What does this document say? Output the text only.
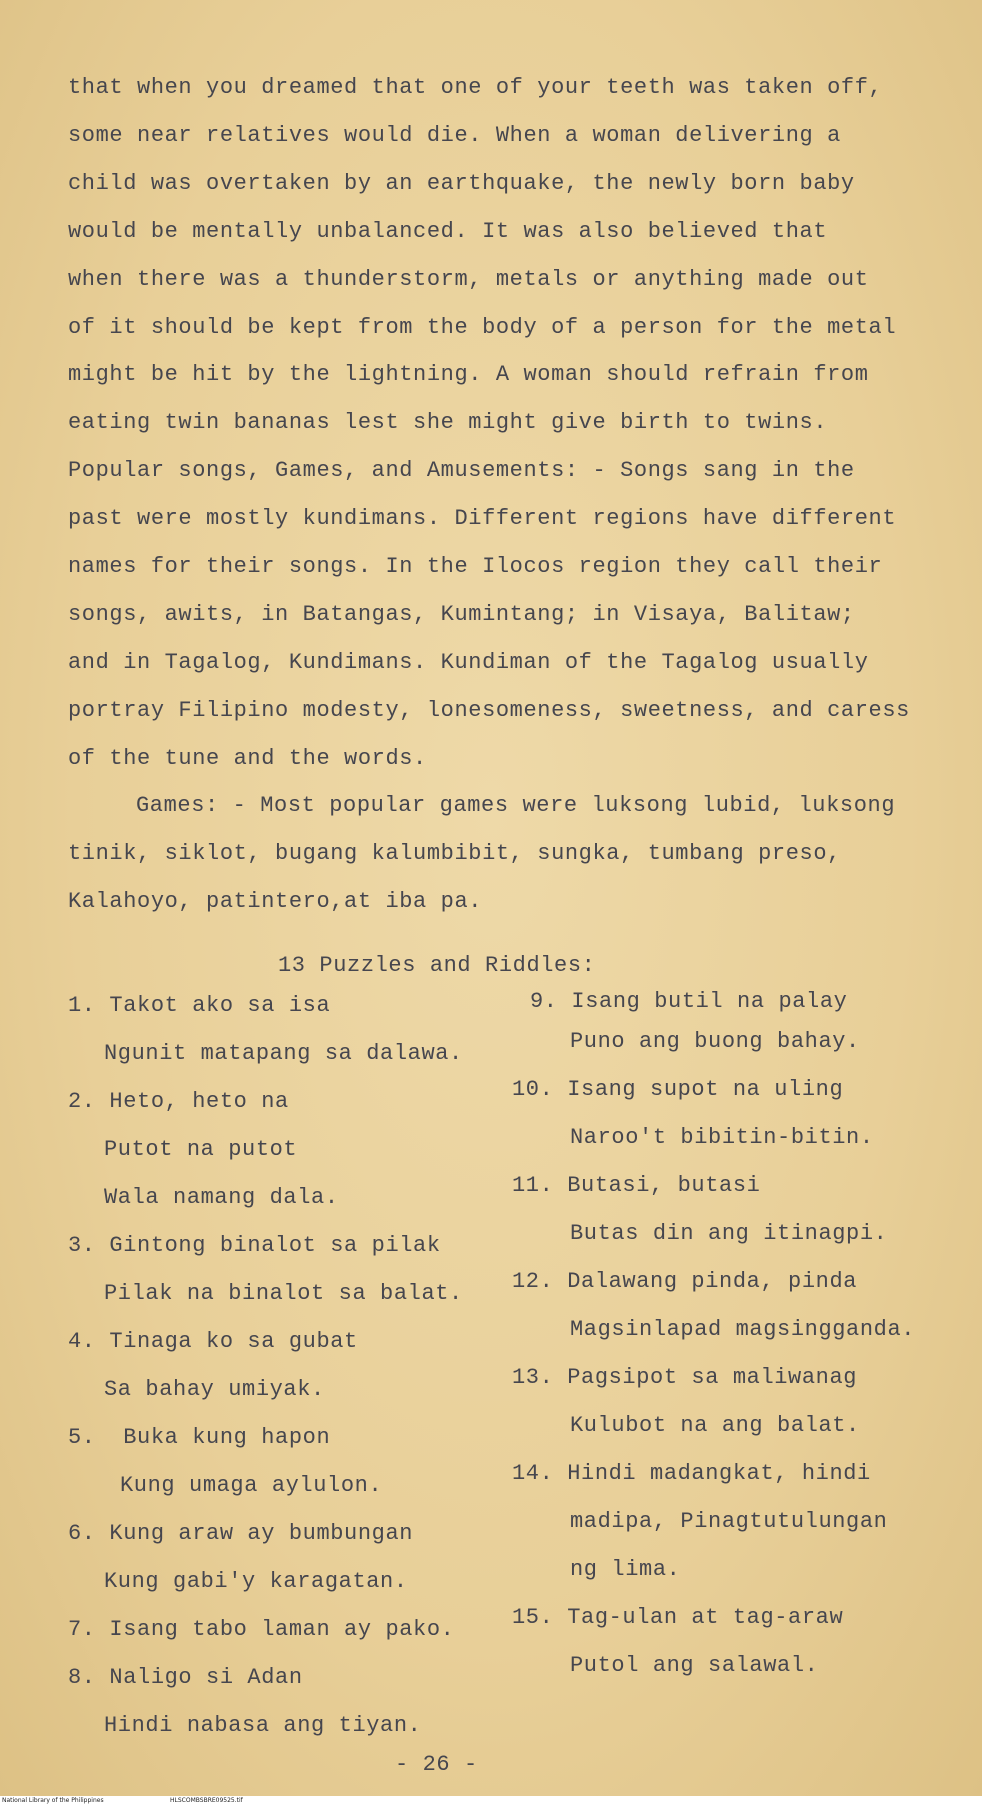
that when you dreamed that one of your teeth was taken off,
some near relatives would die. When a woman delivering a
child was overtaken by an earthquake, the newly born baby
would be mentally unbalanced. It was also believed that
when there was a thunderstorm, metals or anything made out
of it should be kept from the body of a person for the metal
might be hit by the lightning. A woman should refrain from
eating twin bananas lest she might give birth to twins.
Popular songs, Games, and Amusements: - Songs sang in the
past were mostly kundimans. Different regions have different
names for their songs. In the Ilocos region they call their
songs, awits, in Batangas, Kumintang; in Visaya, Balitaw;
and in Tagalog, Kundimans. Kundiman of the Tagalog usually
portray Filipino modesty, lonesomeness, sweetness, and caress
of the tune and the words.
Games: - Most popular games were luksong lubid, luksong
tinik, siklot, bugang kalumbibit, sungka, tumbang preso,
Kalahoyo, patintero,at iba pa.
13 Puzzles and Riddles:
1. Takot ako sa isa
Ngunit matapang sa dalawa.
2. Heto, heto na
Putot na putot
Wala namang dala.
3. Gintong binalot sa pilak
Pilak na binalot sa balat.
4. Tinaga ko sa gubat
Sa bahay umiyak.
5.  Buka kung hapon
Kung umaga aylulon.
6. Kung araw ay bumbungan
Kung gabi'y karagatan.
7. Isang tabo laman ay pako.
8. Naligo si Adan
Hindi nabasa ang tiyan.
9. Isang butil na palay
Puno ang buong bahay.
10. Isang supot na uling
Naroo't bibitin-bitin.
11. Butasi, butasi
Butas din ang itinagpi.
12. Dalawang pinda, pinda
Magsinlapad magsingganda.
13. Pagsipot sa maliwanag
Kulubot na ang balat.
14. Hindi madangkat, hindi
madipa, Pinagtutulungan
ng lima.
15. Tag-ulan at tag-araw
Putol ang salawal.
- 26 -
National Library of the Philippines	HLSCOMBSBRE09525.tif
